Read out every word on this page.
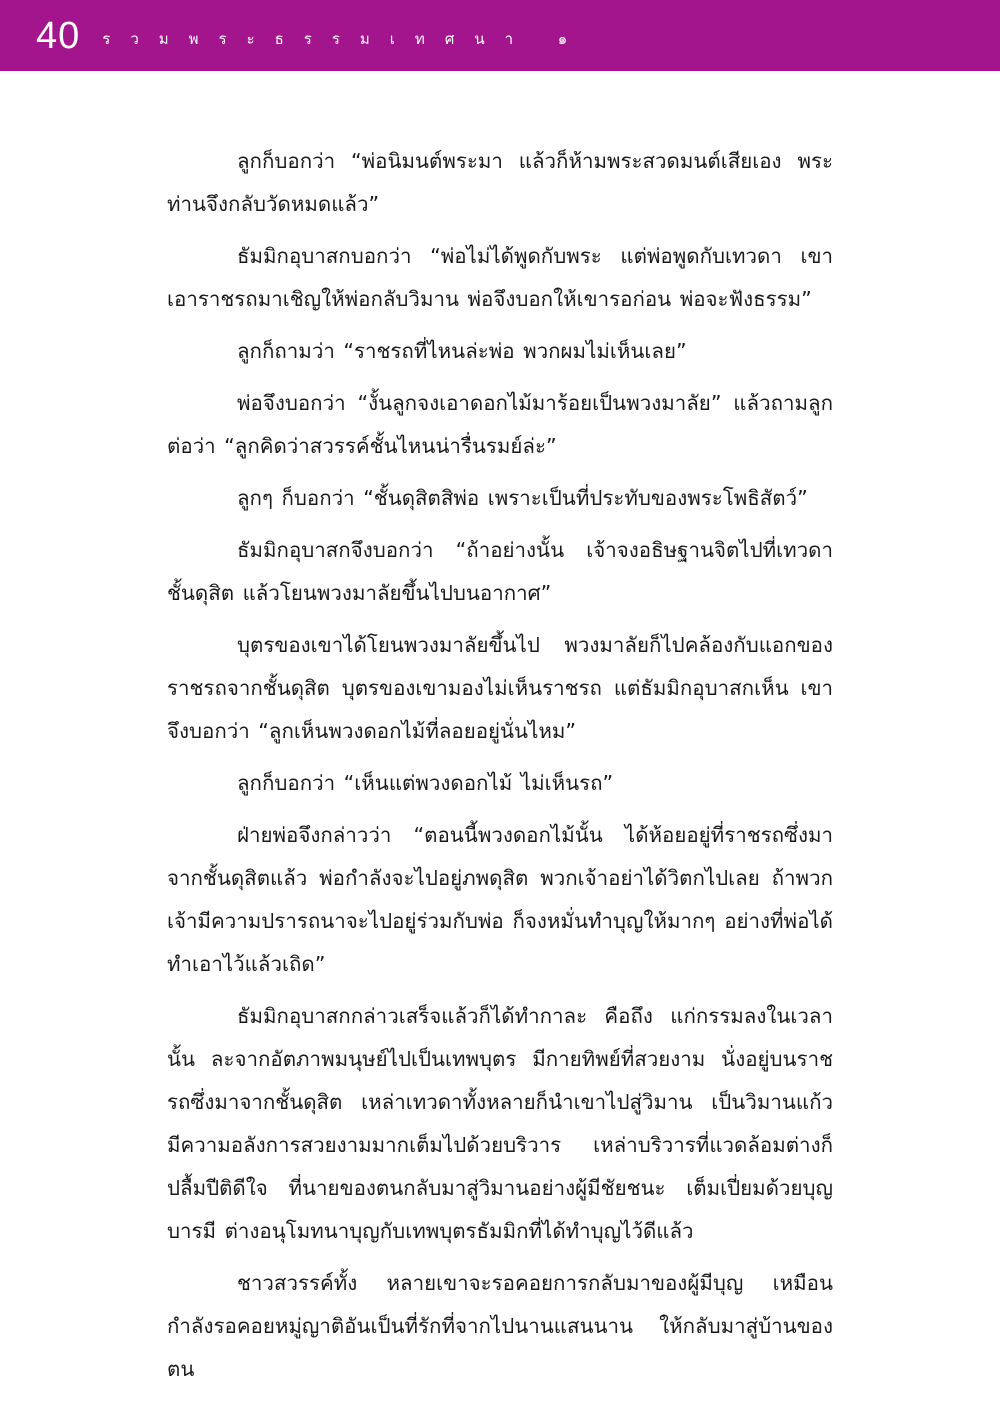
40 รวมพระธรรมเทศนา ๑

ลูกก็บอกว่า “พ่อนิมนต์พระมา แล้วก็ห้ามพระสวดมนต์เสียเอง พระท่านจึงกลับวัดหมดแล้ว”

ธัมมิกอุบาสกบอกว่า “พ่อไม่ได้พูดกับพระ แต่พ่อพูดกับเทวดา เขาเอาราชรถมาเชิญให้พ่อกลับวิมาน พ่อจึงบอกให้เขารอก่อน พ่อจะฟังธรรม”

ลูกก็ถามว่า “ราชรถที่ไหนล่ะพ่อ พวกผมไม่เห็นเลย”

พ่อจึงบอกว่า “งั้นลูกจงเอาดอกไม้มาร้อยเป็นพวงมาลัย” แล้วถามลูกต่อว่า “ลูกคิดว่าสวรรค์ชั้นไหนน่ารื่นรมย์ล่ะ”

ลูกๆ ก็บอกว่า “ชั้นดุสิตสิพ่อ เพราะเป็นที่ประทับของพระโพธิสัตว์”

ธัมมิกอุบาสกจึงบอกว่า “ถ้าอย่างนั้น เจ้าจงอธิษฐานจิตไปที่เทวดาชั้นดุสิต แล้วโยนพวงมาลัยขึ้นไปบนอากาศ”

บุตรของเขาได้โยนพวงมาลัยขึ้นไป พวงมาลัยก็ไปคล้องกับแอกของราชรถจากชั้นดุสิต บุตรของเขามองไม่เห็นราชรถ แต่ธัมมิกอุบาสกเห็น เขาจึงบอกว่า “ลูกเห็นพวงดอกไม้ที่ลอยอยู่นั่นไหม”

ลูกก็บอกว่า “เห็นแต่พวงดอกไม้ ไม่เห็นรถ”

ฝ่ายพ่อจึงกล่าวว่า “ตอนนี้พวงดอกไม้นั้น ได้ห้อยอยู่ที่ราชรถซึ่งมาจากชั้นดุสิตแล้ว พ่อกำลังจะไปอยู่ภพดุสิต พวกเจ้าอย่าได้วิตกไปเลย ถ้าพวกเจ้ามีความปรารถนาจะไปอยู่ร่วมกับพ่อ ก็จงหมั่นทำบุญให้มากๆ อย่างที่พ่อได้ทำเอาไว้แล้วเถิด”

ธัมมิกอุบาสกกล่าวเสร็จแล้วก็ได้ทำกาละ คือถึง แก่กรรมลงในเวลานั้น ละจากอัตภาพมนุษย์ไปเป็นเทพบุตร มีกายทิพย์ที่สวยงาม นั่งอยู่บนราชรถซึ่งมาจากชั้นดุสิต เหล่าเทวดาทั้งหลายก็นำเขาไปสู่วิมาน เป็นวิมานแก้ว มีความอลังการสวยงามมากเต็มไปด้วยบริวาร เหล่าบริวารที่แวดล้อมต่างก็ปลื้มปีติดีใจ ที่นายของตนกลับมาสู่วิมานอย่างผู้มีชัยชนะ เต็มเปี่ยมด้วยบุญบารมี ต่างอนุโมทนาบุญกับเทพบุตรธัมมิกที่ได้ทำบุญไว้ดีแล้ว

ชาวสวรรค์ทั้ง หลายเขาจะรอคอยการกลับมาของผู้มีบุญ เหมือนกำลังรอคอยหมู่ญาติอันเป็นที่รักที่จากไปนานแสนนาน ให้กลับมาสู่บ้านของตน
